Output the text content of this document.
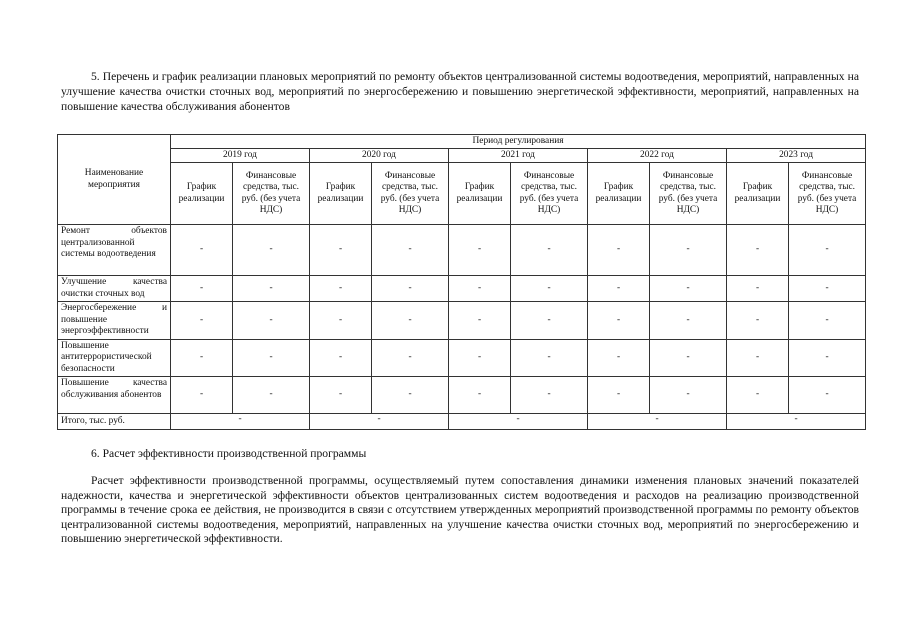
5. Перечень и график реализации плановых мероприятий по ремонту объектов централизованной системы водоотведения, мероприятий, направленных на улучшение качества очистки сточных вод, мероприятий по энергосбережению и повышению энергетической эффективности, мероприятий, направленных на повышение качества обслуживания абонентов

Наименование мероприятия	Период регулирования									
	2019 год		2020 год		2021 год		2022 год		2023 год	
	График реализации	Финансовые средства, тыс. руб. (без учета НДС)	График реализации	Финансовые средства, тыс. руб. (без учета НДС)	График реализации	Финансовые средства, тыс. руб. (без учета НДС)	График реализации	Финансовые средства, тыс. руб. (без учета НДС)	График реализации	Финансовые средства, тыс. руб. (без учета НДС)
Ремонт объектов централизованной системы водоотведения	-	-	-	-	-	-	-	-	-	-
Улучшение качества очистки сточных вод	-	-	-	-	-	-	-	-	-	-
Энергосбережение и повышение энергоэффективности	-	-	-	-	-	-	-	-	-	-
Повышение антитеррористической безопасности	-	-	-	-	-	-	-	-	-	-
Повышение качества обслуживания абонентов	-	-	-	-	-	-	-	-	-	-
Итого, тыс. руб.	-		-		-		-		-	

6. Расчет эффективности производственной программы

Расчет эффективности производственной программы, осуществляемый путем сопоставления динамики изменения плановых значений показателей надежности, качества и энергетической эффективности объектов централизованных систем водоотведения и расходов на реализацию производственной программы в течение срока ее действия, не производится в связи с отсутствием утвержденных мероприятий производственной программы по ремонту объектов централизованной системы водоотведения, мероприятий, направленных на улучшение качества очистки сточных вод, мероприятий по энергосбережению и повышению энергетической эффективности.
